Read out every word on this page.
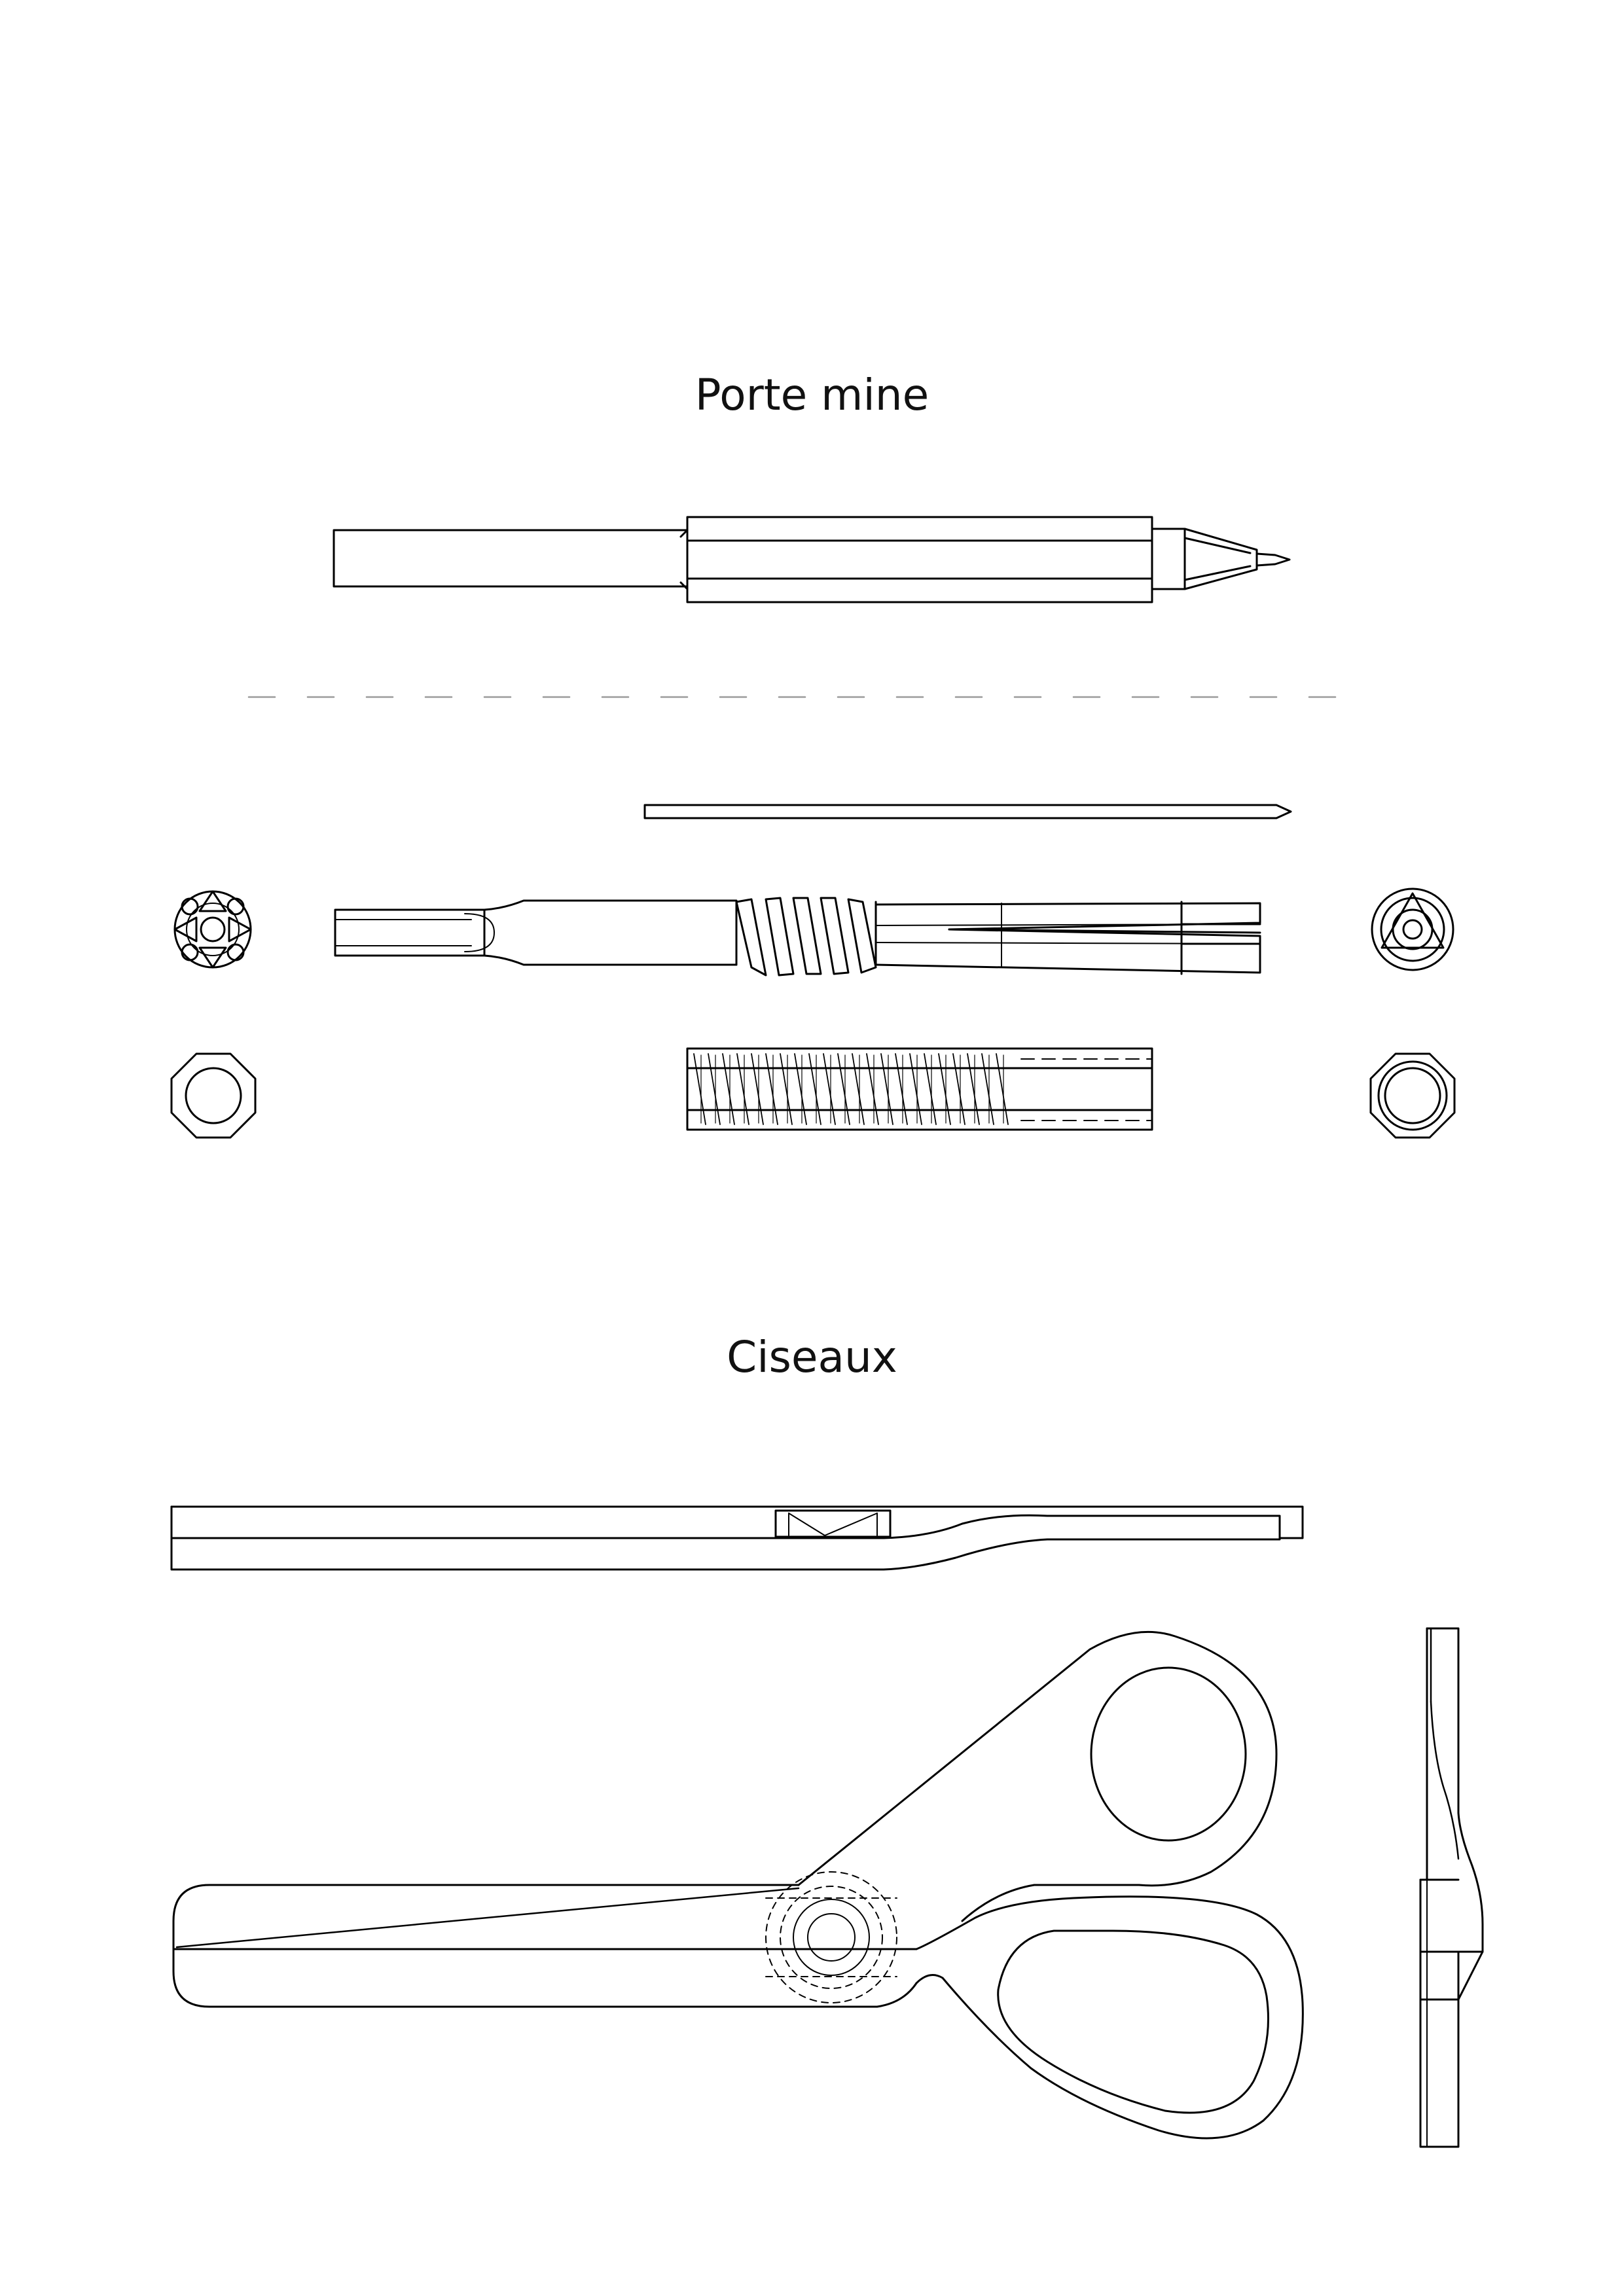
Porte mine
Ciseaux
